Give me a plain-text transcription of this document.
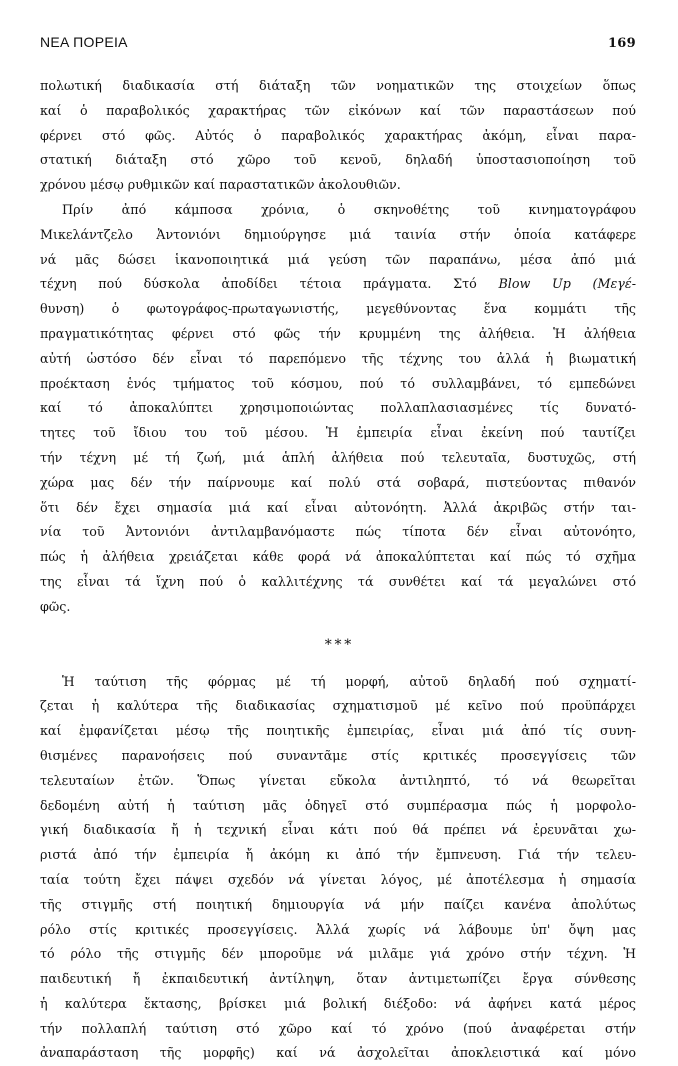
ΝΕΑ ΠΟΡΕΙΑ	169
πολωτική διαδικασία στή διάταξη τῶν νοηματικῶν της στοιχείων ὅπως
καί ὁ παραβολικός χαρακτήρας τῶν εἰκόνων καί τῶν παραστάσεων πού
φέρνει στό φῶς. Αὐτός ὁ παραβολικός χαρακτήρας ἀκόμη, εἶναι παρα-
στατική διάταξη στό χῶρο τοῦ κενοῦ, δηλαδή ὑποστασιοποίηση τοῦ
χρόνου μέσῳ ρυθμικῶν καί παραστατικῶν ἀκολουθιῶν.
Πρίν ἀπό κάμποσα χρόνια, ὁ σκηνοθέτης τοῦ κινηματογράφου
Μικελάντζελο Ἀντονιόνι δημιούργησε μιά ταινία στήν ὁποία κατάφερε
νά μᾶς δώσει ἱκανοποιητικά μιά γεύση τῶν παραπάνω, μέσα ἀπό μιά
τέχνη πού δύσκολα ἀποδίδει τέτοια πράγματα. Στό Blow Up (Μεγέ-
θυνση) ὁ φωτογράφος-πρωταγωνιστής, μεγεθύνοντας ἕνα κομμάτι τῆς
πραγματικότητας φέρνει στό φῶς τήν κρυμμένη της ἀλήθεια. Ἡ ἀλήθεια
αὐτή ὡστόσο δέν εἶναι τό παρεπόμενο τῆς τέχνης του ἀλλά ἡ βιωματική
προέκταση ἑνός τμήματος τοῦ κόσμου, πού τό συλλαμβάνει, τό εμπεδώνει
καί τό ἀποκαλύπτει χρησιμοποιώντας πολλαπλασιασμένες τίς δυνατό-
τητες τοῦ ἴδιου του τοῦ μέσου. Ἡ ἐμπειρία εἶναι ἐκείνη πού ταυτίζει
τήν τέχνη μέ τή ζωή, μιά ἁπλή ἀλήθεια πού τελευταῖα, δυστυχῶς, στή
χώρα μας δέν τήν παίρνουμε καί πολύ στά σοβαρά, πιστεύοντας πιθανόν
ὅτι δέν ἔχει σημασία μιά καί εἶναι αὐτονόητη. Ἀλλά ἀκριβῶς στήν ται-
νία τοῦ Ἀντονιόνι ἀντιλαμβανόμαστε πώς τίποτα δέν εἶναι αὐτονόητο,
πώς ἡ ἀλήθεια χρειάζεται κάθε φορά νά ἀποκαλύπτεται καί πώς τό σχῆμα
της εἶναι τά ἴχνη πού ὁ καλλιτέχνης τά συνθέτει καί τά μεγαλώνει στό
φῶς.
* * *
Ἡ ταύτιση τῆς φόρμας μέ τή μορφή, αὐτοῦ δηλαδή πού σχηματί-
ζεται ἡ καλύτερα τῆς διαδικασίας σχηματισμοῦ μέ κεῖνο πού προϋπάρχει
καί ἐμφανίζεται μέσῳ τῆς ποιητικῆς ἐμπειρίας, εἶναι μιά ἀπό τίς συνη-
θισμένες παρανοήσεις πού συναντᾶμε στίς κριτικές προσεγγίσεις τῶν
τελευταίων ἐτῶν. Ὅπως γίνεται εὔκολα ἀντιληπτό, τό νά θεωρεῖται
δεδομένη αὐτή ἡ ταύτιση μᾶς ὁδηγεῖ στό συμπέρασμα πώς ἡ μορφολο-
γική διαδικασία ἤ ἡ τεχνική εἶναι κάτι πού θά πρέπει νά ἐρευνᾶται χω-
ριστά ἀπό τήν ἐμπειρία ἤ ἀκόμη κι ἀπό τήν ἔμπνευση. Γιά τήν τελευ-
ταία τούτη ἔχει πάψει σχεδόν νά γίνεται λόγος, μέ ἀποτέλεσμα ἡ σημασία
τῆς στιγμῆς στή ποιητική δημιουργία νά μήν παίζει κανένα ἀπολύτως
ρόλο στίς κριτικές προσεγγίσεις. Ἀλλά χωρίς νά λάβουμε ὑπ' ὄψη μας
τό ρόλο τῆς στιγμῆς δέν μποροῦμε νά μιλᾶμε γιά χρόνο στήν τέχνη. Ἡ
παιδευτική ἤ ἐκπαιδευτική ἀντίληψη, ὅταν ἀντιμετωπίζει ἔργα σύνθεσης
ἡ καλύτερα ἔκτασης, βρίσκει μιά βολική διέξοδο: νά ἀφήνει κατά μέρος
τήν πολλαπλή ταύτιση στό χῶρο καί τό χρόνο (πού ἀναφέρεται στήν
ἀναπαράσταση τῆς μορφῆς) καί νά ἀσχολεῖται ἀποκλειστικά καί μόνο
